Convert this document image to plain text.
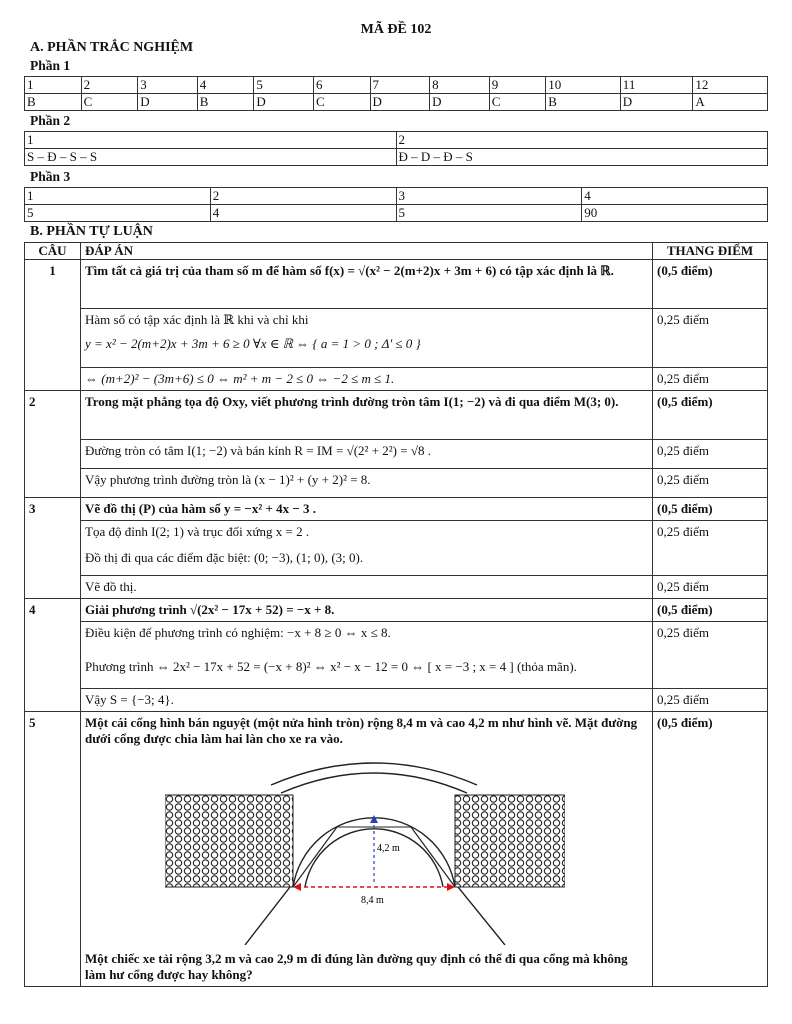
MÃ ĐỀ 102
A. PHẦN TRẮC NGHIỆM
Phần 1
1	2	3	4	5	6	7	8	9	10	11	12
B	C	D	B	D	C	D	D	C	B	D	A
Phần 2
1	2
S – Đ – S – S	Đ – D – Đ – S
Phần 3
1	2	3	4
5	4	5	90
B. PHẦN TỰ LUẬN
CÂU	ĐÁP ÁN	THANG ĐIỂM
1	Tìm tất cả giá trị của tham số m để hàm số f(x) = √(x² − 2(m+2)x + 3m + 6) có tập xác định là ℝ.	(0,5 điểm)

	Hàm số có tập xác định là ℝ khi và chỉ khi
y = x² − 2(m+2)x + 3m + 6 ≥ 0 ∀x ∈ ℝ ⇔ { a = 1 > 0 ; Δ' ≤ 0 }	0,25 điểm
	⇔ (m+2)² − (3m+6) ≤ 0 ⇔ m² + m − 2 ≤ 0 ⇔ −2 ≤ m ≤ 1.	0,25 điểm
2	Trong mặt phẳng tọa độ Oxy, viết phương trình đường tròn tâm I(1; −2) và đi qua điểm M(3; 0).	(0,5 điểm)
	Đường tròn có tâm I(1; −2) và bán kính R = IM = √(2² + 2²) = √8 .	0,25 điểm
	Vậy phương trình đường tròn là (x − 1)² + (y + 2)² = 8.	0,25 điểm
3	Vẽ đồ thị (P) của hàm số y = −x² + 4x − 3 .	(0,5 điểm)

	Tọa độ đỉnh I(2; 1) và trục đối xứng x = 2 .
Đồ thị đi qua các điểm đặc biệt: (0; −3), (1; 0), (3; 0).	0,25 điểm
	Vẽ đồ thị.	0,25 điểm
4	Giải phương trình √(2x² − 17x + 52) = −x + 8.	(0,5 điểm)

	Điều kiện để phương trình có nghiệm: −x + 8 ≥ 0 ⇔ x ≤ 8.
Phương trình ⇔ 2x² − 17x + 52 = (−x + 8)² ⇔ x² − x − 12 = 0 ⇔ [ x = −3 ; x = 4 ] (thỏa mãn).	0,25 điểm

	Vậy S = {−3; 4}.	0,25 điểm
5	Một cái cổng hình bán nguyệt (một nửa hình tròn) rộng 8,4 m và cao 4,2 m như hình vẽ. Mặt đường dưới cổng được chia làm hai làn cho xe ra vào.
4,2 m
8,4 m
Một chiếc xe tải rộng 3,2 m và cao 2,9 m đi đúng làn đường quy định có thể đi qua cổng mà không làm hư cổng được hay không?	(0,5 điểm)
